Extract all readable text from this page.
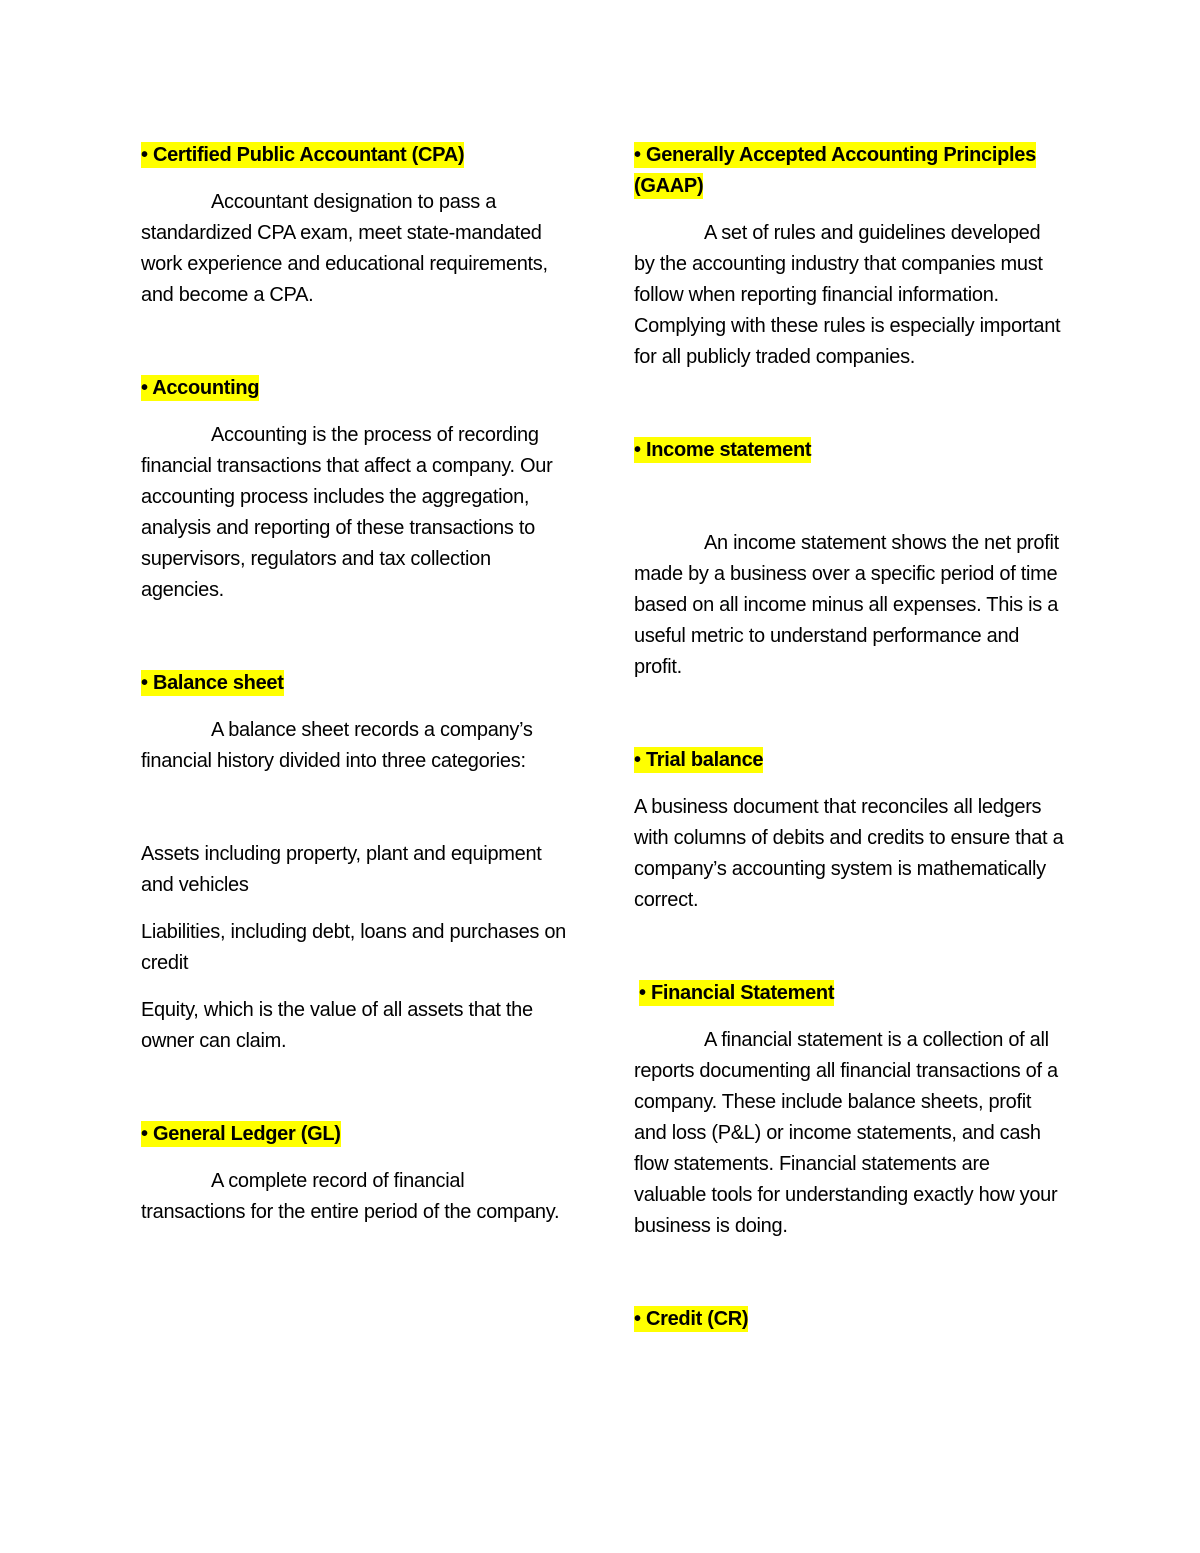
• Certified Public Accountant (CPA)

Accountant designation to pass a standardized CPA exam, meet state-mandated work experience and educational requirements, and become a CPA.

• Accounting

Accounting is the process of recording financial transactions that affect a company. Our accounting process includes the aggregation, analysis and reporting of these transactions to supervisors, regulators and tax collection agencies.

• Balance sheet

A balance sheet records a company’s financial history divided into three categories:

Assets including property, plant and equipment and vehicles

Liabilities, including debt, loans and purchases on credit

Equity, which is the value of all assets that the owner can claim.

• General Ledger (GL)

A complete record of financial transactions for the entire period of the company.

• Generally Accepted Accounting Principles (GAAP)

A set of rules and guidelines developed by the accounting industry that companies must follow when reporting financial information. Complying with these rules is especially important for all publicly traded companies.

• Income statement

An income statement shows the net profit made by a business over a specific period of time based on all income minus all expenses. This is a useful metric to understand performance and profit.

• Trial balance

A business document that reconciles all ledgers with columns of debits and credits to ensure that a company’s accounting system is mathematically correct.

• Financial Statement

A financial statement is a collection of all reports documenting all financial transactions of a company. These include balance sheets, profit and loss (P&L) or income statements, and cash flow statements. Financial statements are valuable tools for understanding exactly how your business is doing.

• Credit (CR)
